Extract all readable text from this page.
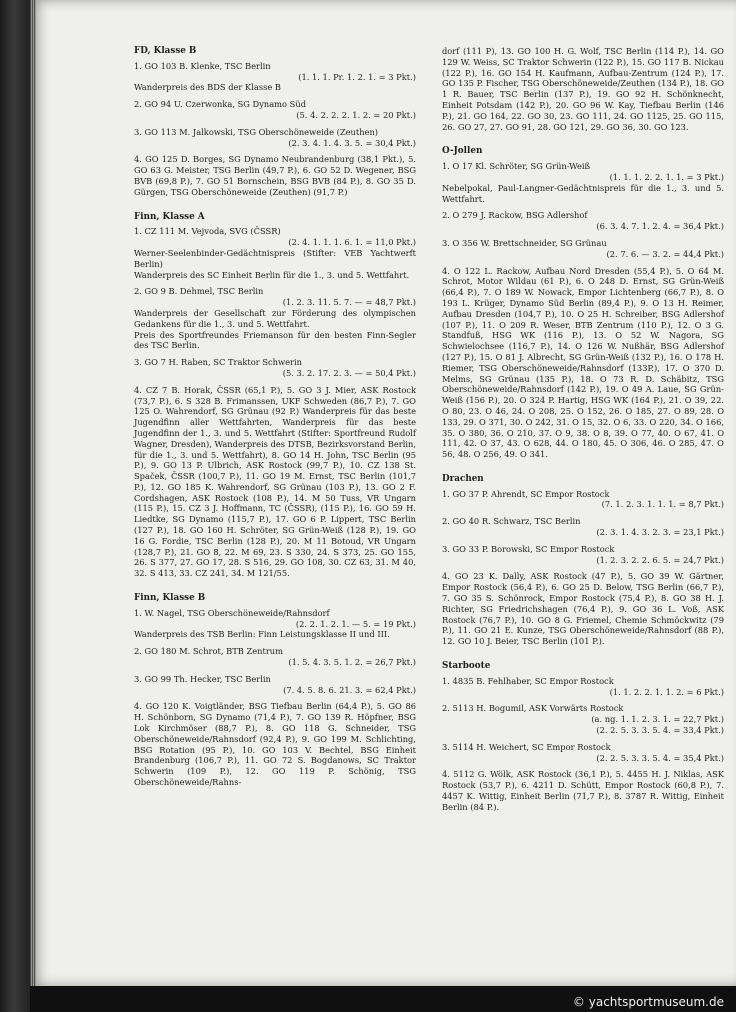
FD, Klasse B
1. GO 103 B. Klenke, TSC Berlin
(1. 1. 1. Pr. 1. 2. 1. = 3 Pkt.)
Wanderpreis des BDS der Klasse B
2. GO 94 U. Czerwonka, SG Dynamo Süd
(5. 4. 2. 2. 2. 1. 2. = 20 Pkt.)
3. GO 113 M. Jalkowski, TSG Oberschöneweide (Zeuthen)
(2. 3. 4. 1. 4. 3. 5. = 30,4 Pkt.)

4. GO 125 D. Borges, SG Dynamo Neubrandenburg (38,1 Pkt.), 5. GO 63 G. Meister, TSG Berlin (49,7 P.), 6. GO 52 D. Wegener, BSG BVB (69,8 P.), 7. GO 51 Bornschein, BSG BVB (84 P.), 8. GO 35 D. Gürgen, TSG Oberschöneweide (Zeuthen) (91,7 P.)

Finn, Klasse A
1. CZ 111 M. Vejvoda, SVG (ČSSR)
(2. 4. 1. 1. 1. 6. 1. = 11,0 Pkt.)
Werner-Seelenbinder-Gedächtnispreis (Stifter: VEB Yachtwerft Berlin)
Wanderpreis des SC Einheit Berlin für die 1., 3. und 5. Wettfahrt.
2. GO 9 B. Dehmel, TSC Berlin
(1. 2. 3. 11. 5. 7. — = 48,7 Pkt.)
Wanderpreis der Gesellschaft zur Förderung des olympischen Gedankens für die 1., 3. und 5. Wettfahrt.
Preis des Sportfreundes Friemanson für den besten Finn-Segler des TSC Berlin.
3. GO 7 H. Raben, SC Traktor Schwerin
(5. 3. 2. 17. 2. 3. — = 50,4 Pkt.)

4. CZ 7 B. Horak, ČSSR (65,1 P.), 5. GO 3 J. Mier, ASK Rostock (73,7 P.), 6. S 328 B. Frimanssen, UKF Schweden (86,7 P.), 7. GO 125 O. Wahrendorf, SG Grünau (92 P.) Wanderpreis für das beste Jugendfinn aller Wettfahrten, Wanderpreis für das beste Jugendfinn der 1., 3. und 5. Wettfahrt (Stifter: Sportfreund Rudolf Wagner, Dresden), Wanderpreis des DTSB, Bezirksvorstand Berlin, für die 1., 3. und 5. Wettfahrt), 8. GO 14 H. John, TSC Berlin (95 P.), 9. GO 13 P. Ulbrich, ASK Rostock (99,7 P.), 10. CZ 138 St. Spaček, ČSSR (100,7 P.), 11. GO 19 M. Ernst, TSC Berlin (101,7 P.), 12. GO 185 K. Wahrendorf, SG Grünau (103 P.), 13. GO 2 F. Cordshagen, ASK Rostock (108 P.), 14. M 50 Tuss, VR Ungarn (115 P.), 15. CZ 3 J. Hoffmann, TC (ČSSR), (115 P.), 16. GO 59 H. Liedtke, SG Dynamo (115,7 P.), 17. GO 6 P. Lippert, TSC Berlin (127 P.), 18. GO 160 H. Schröter, SG Grün-Weiß (128 P.), 19. GO 16 G. Fordie, TSC Berlin (128 P.), 20. M 11 Botoud, VR Ungarn (128,7 P.), 21. GO 8, 22. M 69, 23. S 330, 24. S 373, 25. GO 155, 26. S 377, 27. GO 17, 28. S 516, 29. GO 108, 30. CZ 63, 31. M 40, 32. S 413, 33. CZ 241, 34. M 121/55.

Finn, Klasse B
1. W. Nagel, TSG Oberschöneweide/Rahnsdorf
(2. 2. 1. 2. 1. — 5. = 19 Pkt.)
Wanderpreis des TSB Berlin: Finn Leistungsklasse II und III.
2. GO 180 M. Schrot, BTB Zentrum
(1. 5. 4. 3. 5. 1. 2. = 26,7 Pkt.)
3. GO 99 Th. Hecker, TSC Berlin
(7. 4. 5. 8. 6. 21. 3. = 62,4 Pkt.)

4. GO 120 K. Voigtländer, BSG Tiefbau Berlin (64,4 P.), 5. GO 86 H. Schönborn, SG Dynamo (71,4 P.), 7. GO 139 R. Höpfner, BSG Lok Kirchmöser (88,7 P.), 8. GO 118 G. Schneider, TSG Oberschöneweide/Rahnsdorf (92,4 P.), 9. GO 199 M. Schlichting, BSG Rotation (95 P.), 10. GO 103 V. Bechtel, BSG Einheit Brandenburg (106,7 P.), 11. GO 72 S. Bogdanows, SC Traktor Schwerin (109 P.), 12. GO 119 P. Schönig, TSG Oberschöneweide/Rahns-

dorf (111 P), 13. GO 100 H. G. Wolf, TSC Berlin (114 P.), 14. GO 129 W. Weiss, SC Traktor Schwerin (122 P.), 15. GO 117 B. Nickau (122 P.), 16. GO 154 H. Kaufmann, Aufbau-Zentrum (124 P.), 17. GO 135 P. Fischer, TSG Oberschöneweide/Zeuthen (134 P.), 18. GO 1 R. Bauer, TSC Berlin (137 P.), 19. GO 92 H. Schönknecht, Einheit Potsdam (142 P.), 20. GO 96 W. Kay, Tiefbau Berlin (146 P.), 21. GO 164, 22. GO 30, 23. GO 111, 24. GO 1125, 25. GO 115, 26. GO 27, 27. GO 91, 28. GO 121, 29. GO 36, 30. GO 123.

O-Jollen
1. O 17 Kl. Schröter, SG Grün-Weiß
(1. 1. 1. 2. 2. 1. 1. = 3 Pkt.)
Nebelpokal, Paul-Langner-Gedächtnispreis für die 1., 3. und 5. Wettfahrt.
2. O 279 J. Rackow, BSG Adlershof
(6. 3. 4. 7. 1. 2. 4. = 36,4 Pkt.)
3. O 356 W. Brettschneider, SG Grünau
(2. 7. 6. — 3. 2. = 44,4 Pkt.)

4. O 122 L. Rackow, Aufbau Nord Dresden (55,4 P.), 5. O 64 M. Schrot, Motor Wildau (61 P.), 6. O 248 D. Ernst, SG Grün-Weiß (66,4 P.), 7. O 189 W. Nowack, Empor Lichtenberg (66,7 P.), 8. O 193 L. Krüger, Dynamo Süd Berlin (89,4 P.), 9. O 13 H. Reimer, Aufbau Dresden (104,7 P.), 10. O 25 H. Schreiber, BSG Adlershof (107 P.), 11. O 209 R. Weser, BTB Zentrum (110 P.), 12. O 3 G. Standfuß, HSG WK (116 P.), 13. O 52 W. Nagora, SG Schwielochsee (116,7 P.), 14. O 126 W. Nußhär, BSG Adlershof (127 P.), 15. O 81 J. Albrecht, SG Grün-Weiß (132 P.), 16. O 178 H. Riemer, TSG Oberschöneweide/Rahnsdorf (133P.), 17. O 370 D. Melms, SG Grünau (135 P.), 18. O 73 R. D. Schäbitz, TSG Oberschöneweide/Rahnsdorf (142 P.), 19. O 49 A. Laue, SG Grün-Weiß (156 P.), 20. O 324 P. Hartig, HSG WK (164 P.), 21. O 39, 22. O 80, 23. O 46, 24. O 208, 25. O 152, 26. O 185, 27. O 89, 28. O 133, 29. O 371, 30. O 242, 31. O 15, 32. O 6, 33. O 220, 34. O 166, 35. O 380, 36. O 210, 37. O 9, 38. O 8, 39. O 77, 40. O 67, 41. O 111, 42. O 37, 43. O 628, 44. O 180, 45. O 306, 46. O 285, 47. O 56, 48. O 256, 49. O 341.

Drachen
1. GO 37 P. Ahrendt, SC Empor Rostock
(7. 1. 2. 3. 1. 1. 1. = 8,7 Pkt.)
2. GO 40 R. Schwarz, TSC Berlin
(2. 3. 1. 4. 3. 2. 3. = 23,1 Pkt.)
3. GO 33 P. Borowski, SC Empor Rostock
(1. 2. 3. 2. 2. 6. 5. = 24,7 Pkt.)

4. GO 23 K. Dally, ASK Rostock (47 P.), 5. GO 39 W. Gärtner, Empor Rostock (56,4 P.), 6. GO 25 D. Below, TSG Berlin (66,7 P.), 7. GO 35 S. Schönrock, Empor Rostock (75,4 P.), 8. GO 38 H. J. Richter, SG Friedrichshagen (76,4 P.), 9. GO 36 L. Voß, ASK Rostock (76,7 P.), 10. GO 8 G. Friemel, Chemie Schmöckwitz (79 P.), 11. GO 21 E. Kunze, TSG Oberschöneweide/Rahnsdorf (88 P.), 12. GO 10 J. Beier, TSC Berlin (101 P.).

Starboote
1. 4835 B. Fehlhaber, SC Empor Rostock
(1. 1. 2. 2. 1. 1. 2. = 6 Pkt.)
2. 5113 H. Bogumil, ASK Vorwärts Rostock
(a. ng. 1. 1. 2. 3. 1. = 22,7 Pkt.)
(2. 2. 5. 3. 3. 5. 4. = 33,4 Pkt.)
3. 5114 H. Weichert, SC Empor Rostock
(2. 2. 5. 3. 3. 5. 4. = 35,4 Pkt.)

4. 5112 G. Wölk, ASK Rostock (36,1 P.), 5. 4455 H. J. Niklas, ASK Rostock (53,7 P.), 6. 4211 D. Schütt, Empor Rostock (60,8 P.), 7. 4457 K. Wittig, Einheit Berlin (71,7 P.), 8. 3787 R. Wittig, Einheit Berlin (84 P.).

© yachtsportmuseum.de
